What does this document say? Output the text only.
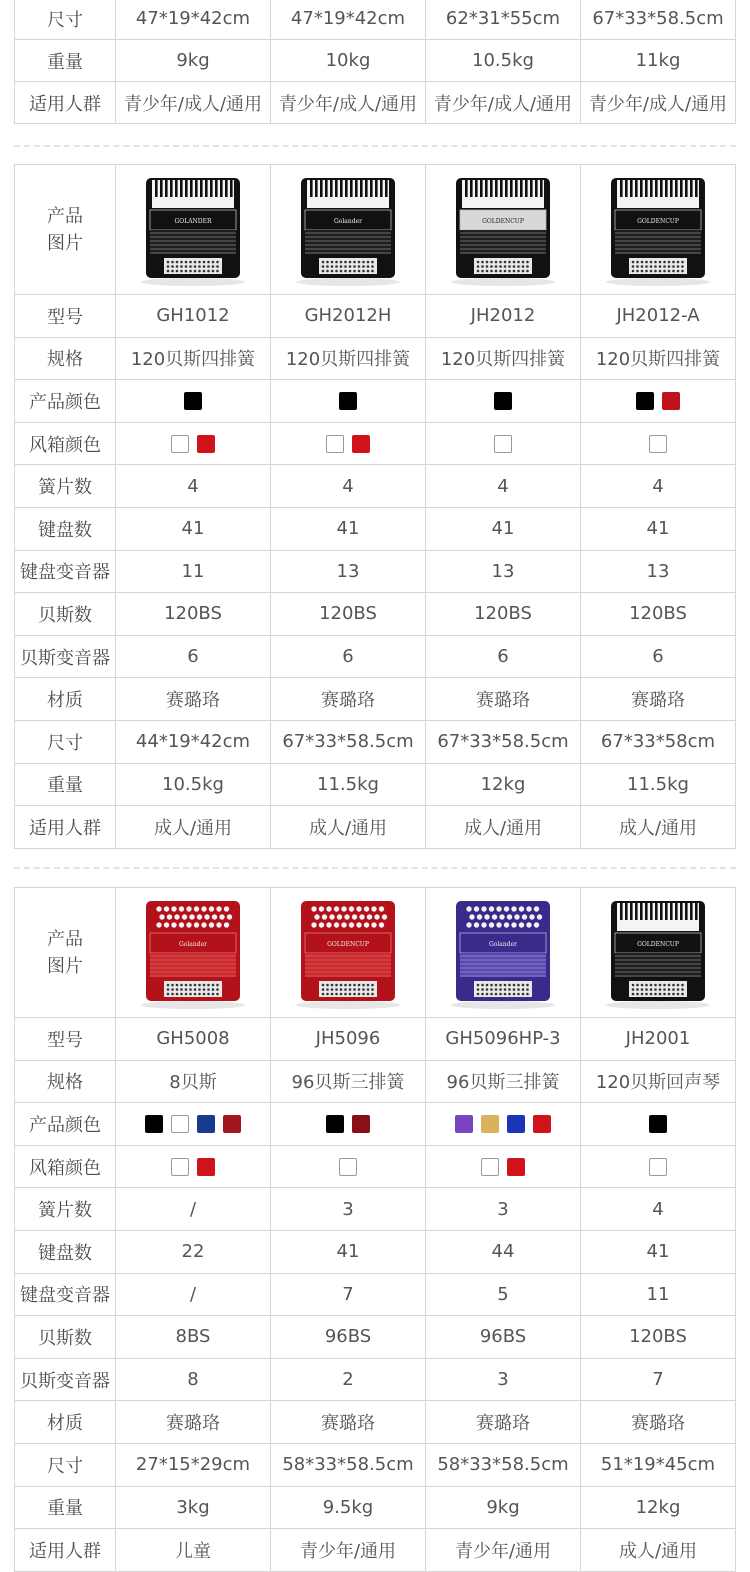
尺寸	47*19*42cm	47*19*42cm	62*31*55cm	67*33*58.5cm
重量	9kg	10kg	10.5kg	11kg
适用人群	青少年/成人/通用	青少年/成人/通用	青少年/成人/通用	青少年/成人/通用
产品
图片	GOLANDER	Golander	GOLDENCUP	GOLDENCUP

型号	GH1012	GH2012H	JH2012	JH2012-A
规格	120贝斯四排簧	120贝斯四排簧	120贝斯四排簧	120贝斯四排簧
产品颜色				
风箱颜色				
簧片数	4	4	4	4
键盘数	41	41	41	41
键盘变音器	11	13	13	13
贝斯数	120BS	120BS	120BS	120BS
贝斯变音器	6	6	6	6
材质	赛璐珞	赛璐珞	赛璐珞	赛璐珞
尺寸	44*19*42cm	67*33*58.5cm	67*33*58.5cm	67*33*58cm
重量	10.5kg	11.5kg	12kg	11.5kg
适用人群	成人/通用	成人/通用	成人/通用	成人/通用
产品
图片	Golander	GOLDENCUP	Golander	GOLDENCUP

型号	GH5008	JH5096	GH5096HP-3	JH2001
规格	8贝斯	96贝斯三排簧	96贝斯三排簧	120贝斯回声琴
产品颜色				
风箱颜色				
簧片数	/	3	3	4
键盘数	22	41	44	41
键盘变音器	/	7	5	11
贝斯数	8BS	96BS	96BS	120BS
贝斯变音器	8	2	3	7
材质	赛璐珞	赛璐珞	赛璐珞	赛璐珞
尺寸	27*15*29cm	58*33*58.5cm	58*33*58.5cm	51*19*45cm
重量	3kg	9.5kg	9kg	12kg
适用人群	儿童	青少年/通用	青少年/通用	成人/通用
